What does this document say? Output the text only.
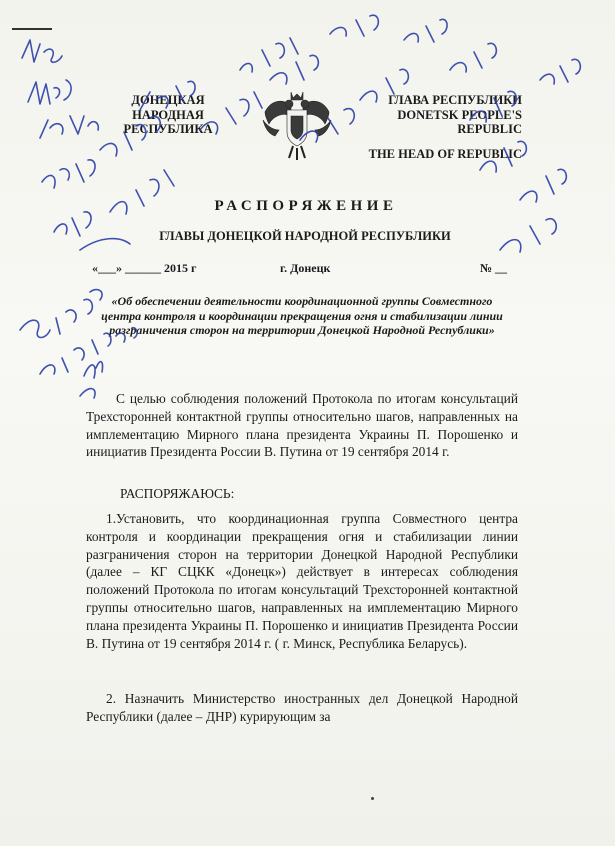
ДОНЕЦКАЯ
НАРОДНАЯ
РЕСПУБЛИКА
ГЛАВА РЕСПУБЛИКИ
DONETSK PEOPLE'S
REPUBLIC
THE HEAD OF REPUBLIC
РАСПОРЯЖЕНИЕ
ГЛАВЫ ДОНЕЦКОЙ НАРОДНОЙ РЕСПУБЛИКИ
«___» ______ 2015 г	г. Донецк	№ __
«Об обеспечении деятельности координационной группы Совместного центра контроля и координации прекращения огня и стабилизации линии разграничения сторон на территории Донецкой Народной Республики»
С целью соблюдения положений Протокола по итогам консультаций Трехсторонней контактной группы относительно шагов, направленных на имплементацию Мирного плана президента Украины П. Порошенко и инициатив Президента России В. Путина от 19 сентября 2014 г.
РАСПОРЯЖАЮСЬ:
1.Установить, что координационная группа Совместного центра контроля и координации прекращения огня и стабилизации линии разграничения сторон на территории Донецкой Народной Республики (далее – КГ СЦКК «Донецк») действует в интересах соблюдения положений Протокола по итогам консультаций Трехсторонней контактной группы относительно шагов, направленных на имплементацию Мирного плана президента Украины П. Порошенко и инициатив Президента России В. Путина от 19 сентября 2014 г. ( г. Минск, Республика Беларусь).
2. Назначить Министерство иностранных дел Донецкой Народной Республики (далее – ДНР) курирующим за
